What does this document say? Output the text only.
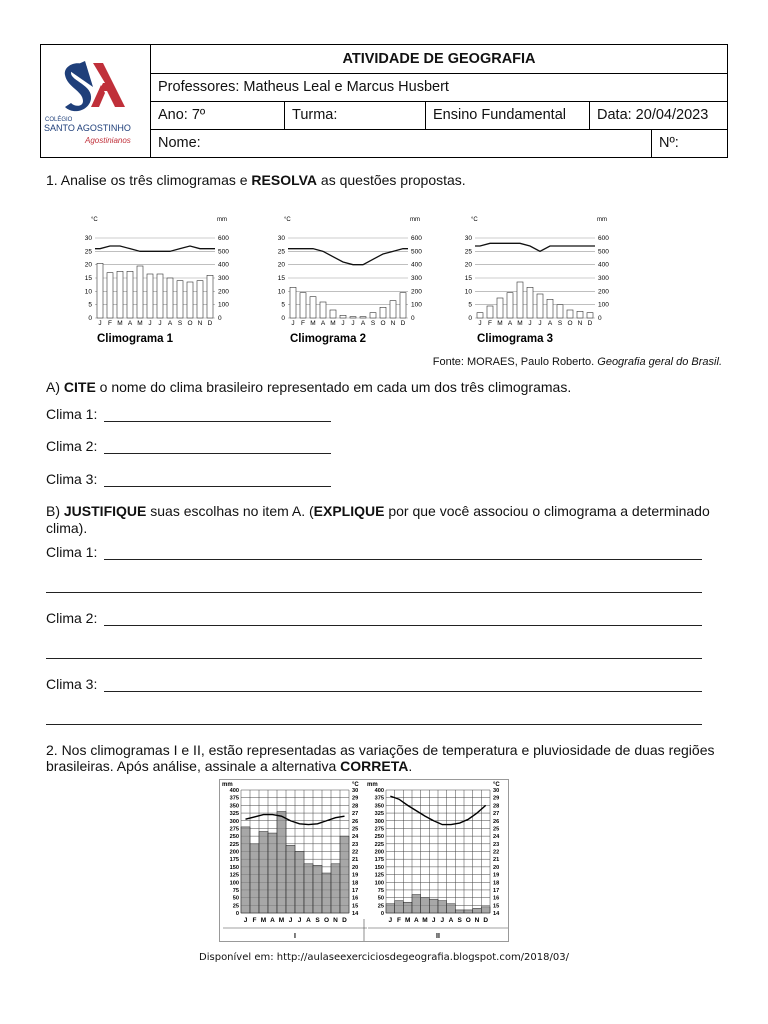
COLÉGIO
SANTO AGOSTINHO
Agostinianos
ATIVIDADE DE GEOGRAFIA
Professores: Matheus Leal e Marcus Husbert
Ano: 7º	Turma:	Ensino Fundamental	Data: 20/04/2023
Nome:	Nº:
1. Analise os três climogramas e RESOLVA as questões propostas.
°C	mm
30	600
25	500
20	400
15	300
10	200
5	100
0	0
J F M A M J J A S O N D
Climograma 1
°C	mm
30	600
25	500
20	400
15	300
10	200
5	100
0	0
J F M A M J J A S O N D
Climograma 2
°C	mm
30	600
25	500
20	400
15	300
10	200
5	100
0	0
J F M A M J J A S O N D
Climograma 3
Fonte: MORAES, Paulo Roberto. Geografia geral do Brasil.
A) CITE o nome do clima brasileiro representado em cada um dos três climogramas.
Clima 1:
Clima 2:
Clima 3:
B) JUSTIFIQUE suas escolhas no item A. (EXPLIQUE por que você associou o climograma a determinado
clima).
Clima 1:
Clima 2:
Clima 3:
2. Nos climogramas I e II, estão representadas as variações de temperatura e pluviosidade de duas regiões
brasileiras. Após análise, assinale a alternativa CORRETA.
mm	°C
400	30
375	29
350	28
325	27
300	26
275	25
250	24
225	23
200	22
175	21
150	20
125	19
100	18
75	17
50	16
25	15
0	14
J F M A M J J A S O N D
I
mm	°C
400	30
375	29
350	28
325	27
300	26
275	25
250	24
225	23
200	22
175	21
150	20
125	19
100	18
75	17
50	16
25	15
0	14
J F M A M J J A S O N D
II
Disponível em: http://aulaseexerciciosdegeografia.blogspot.com/2018/03/
